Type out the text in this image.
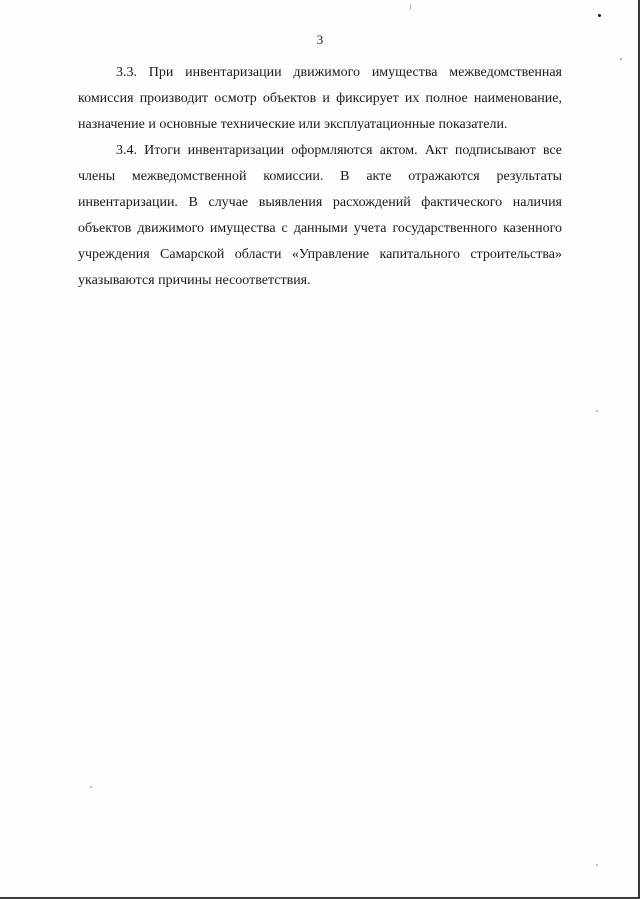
3

3.3. При инвентаризации движимого имущества межведомственная комиссия производит осмотр объектов и фиксирует их полное наименование, назначение и основные технические или эксплуатационные показатели.

3.4. Итоги инвентаризации оформляются актом. Акт подписывают все члены межведомственной комиссии. В акте отражаются результаты инвентаризации. В случае выявления расхождений фактического наличия объектов движимого имущества с данными учета государственного казенного учреждения Самарской области «Управление капитального строительства» указываются причины несоответствия.
